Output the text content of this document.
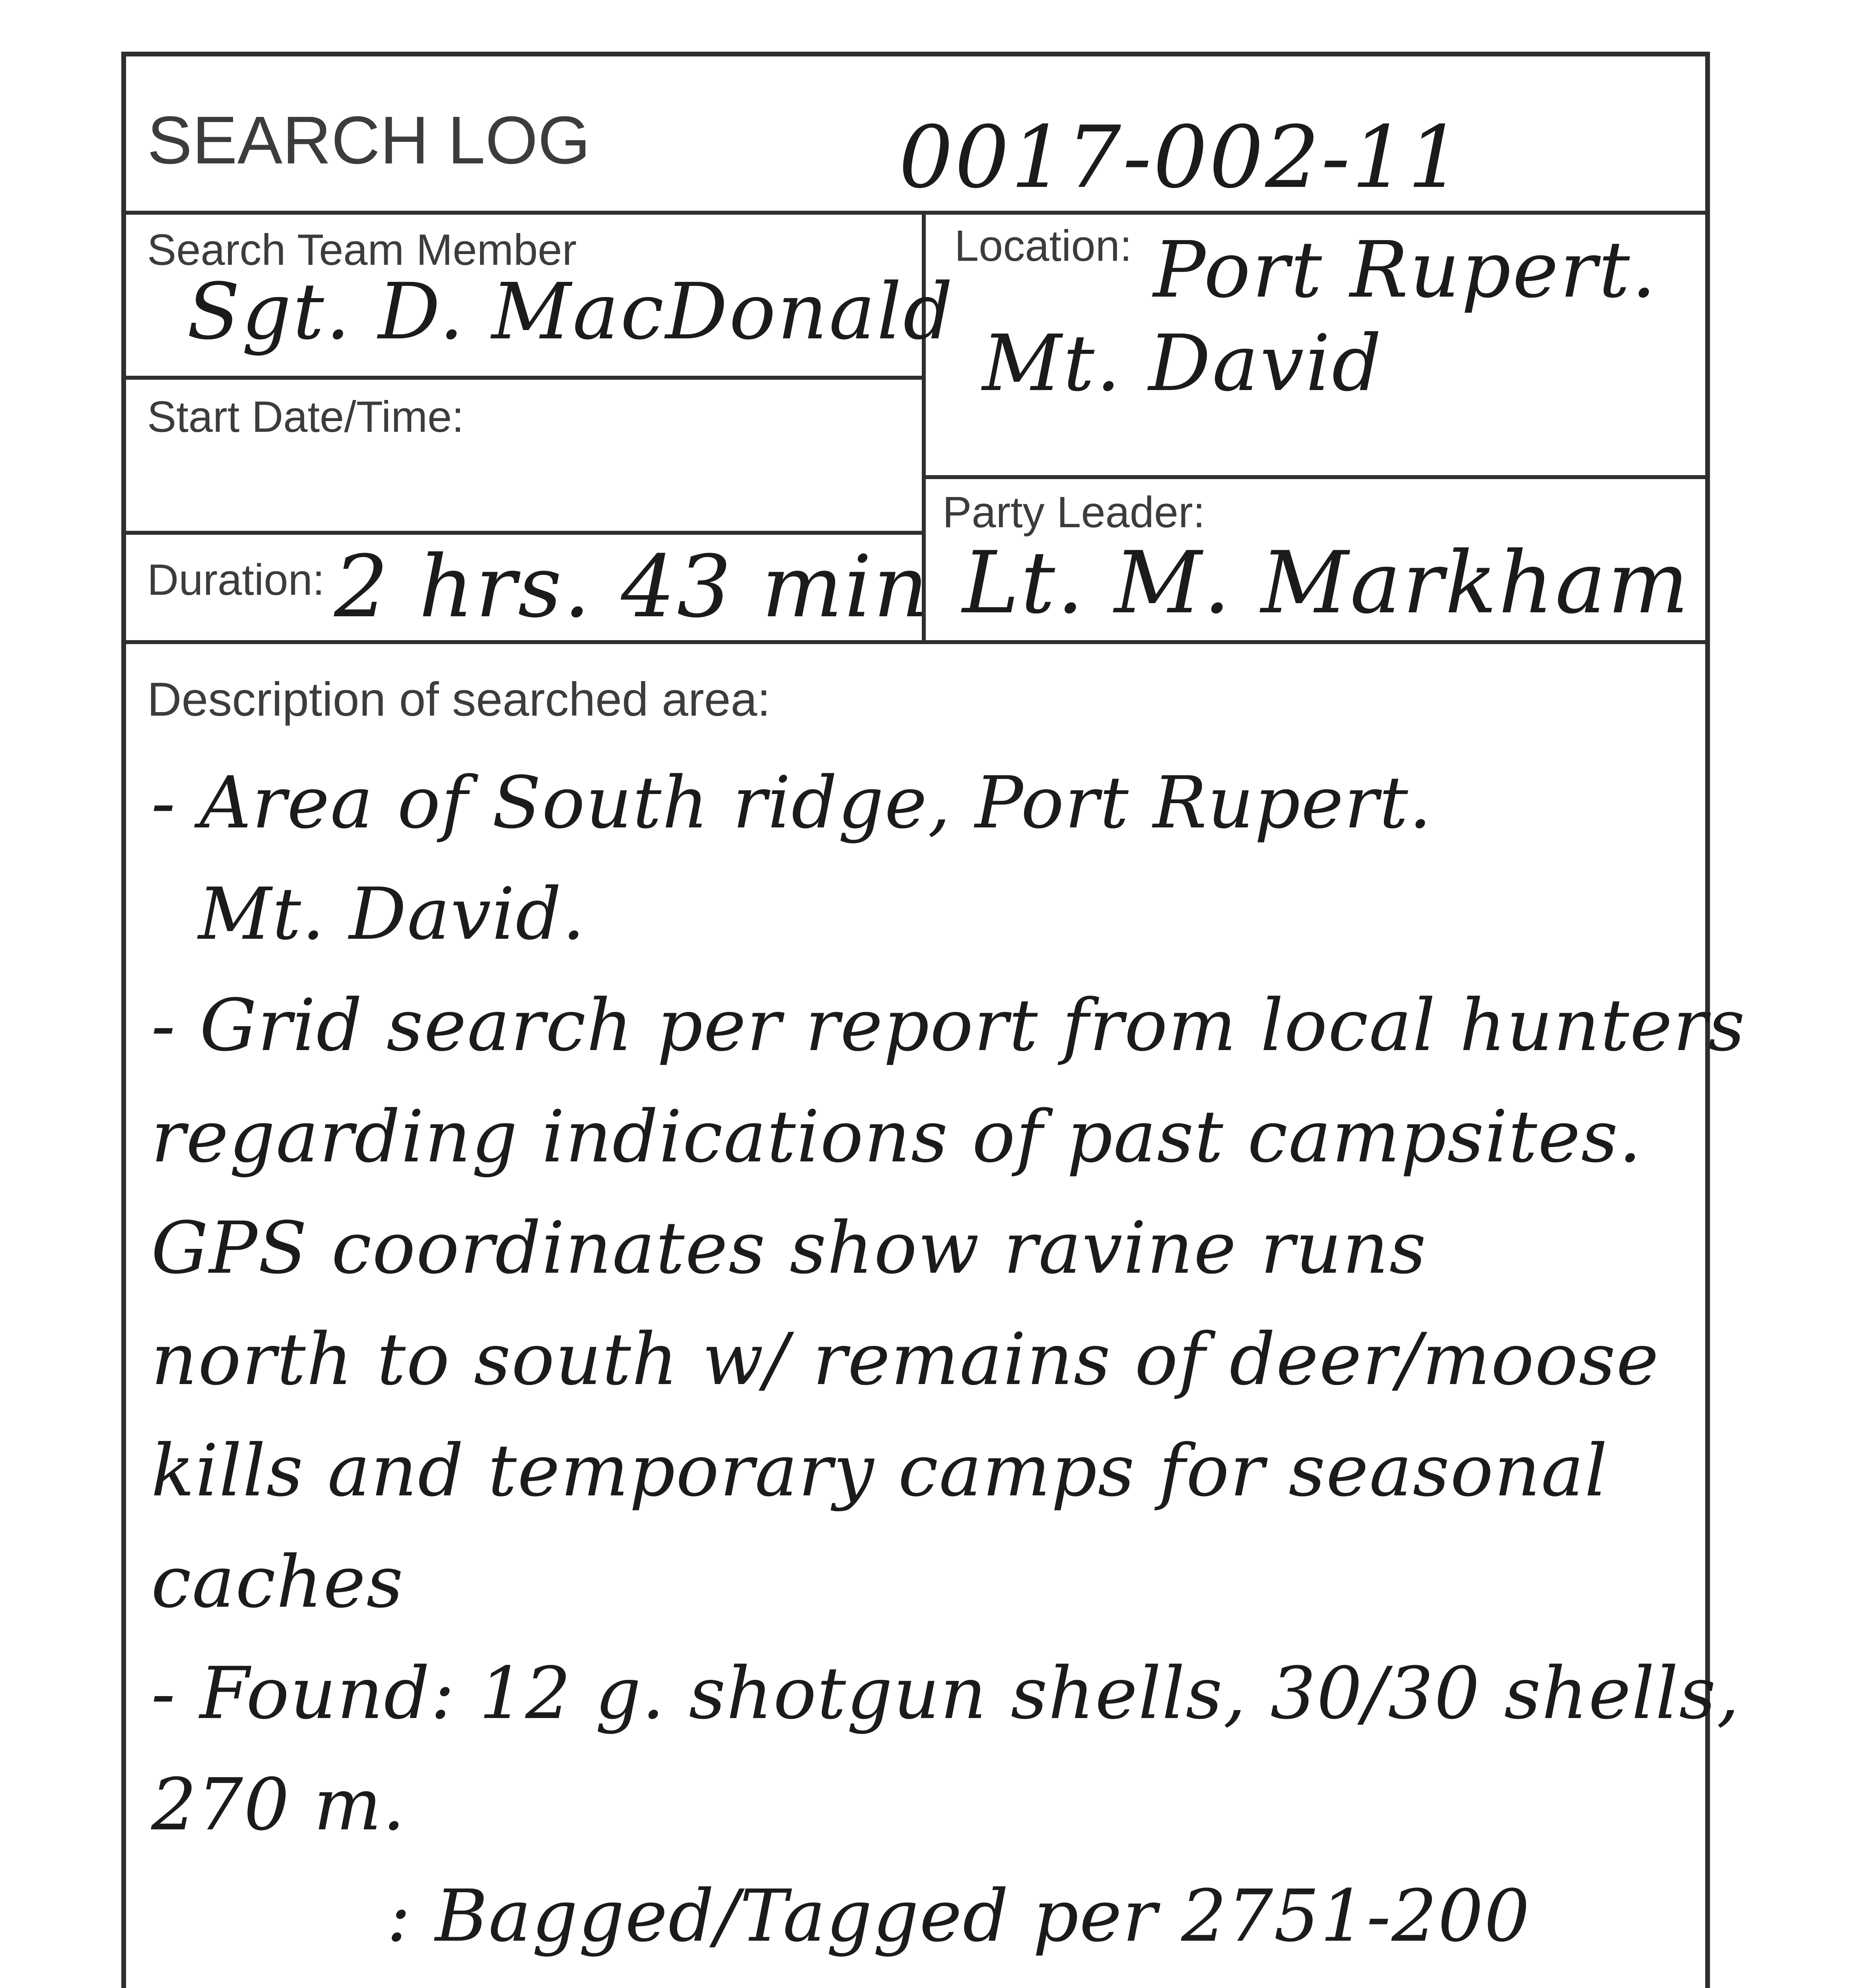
SEARCH LOG	0017-002-11
Search Team Member
Sgt. D. MacDonald
Location: Port Rupert.
Mt. David
Start Date/Time:
Party Leader:
Lt. M. Markham
Duration: 2 hrs. 43 min
Description of searched area:
- Area of South ridge, Port Rupert.
Mt. David.
- Grid search per report from local hunters
regarding indications of past campsites.
GPS coordinates show ravine runs
north to south w/ remains of deer/moose
kills and temporary camps for seasonal
caches
- Found: 12 g. shotgun shells, 30/30 shells,
270 m.
: Bagged/Tagged per 2751-200
